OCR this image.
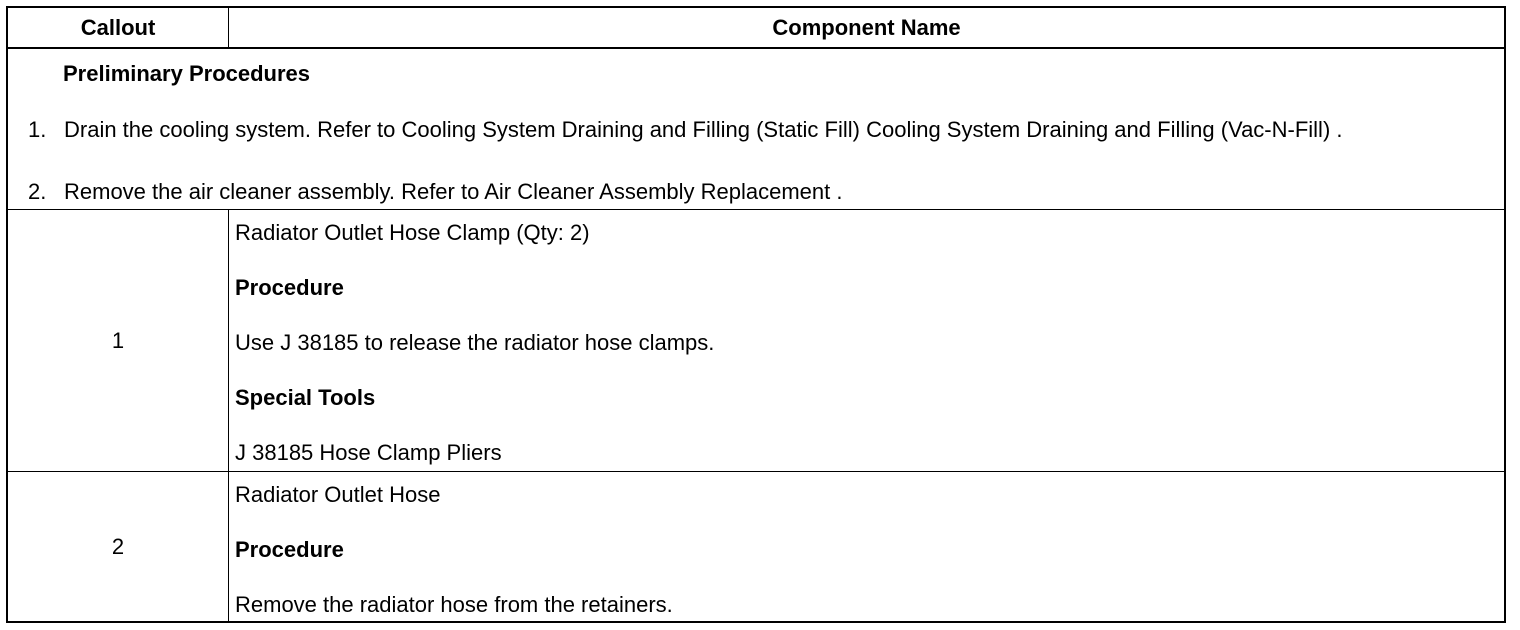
Callout	Component Name
Preliminary Procedures
1. Drain the cooling system. Refer to Cooling System Draining and Filling (Static Fill) Cooling System Draining and Filling (Vac-N-Fill) .
2. Remove the air cleaner assembly. Refer to Air Cleaner Assembly Replacement .
1
Radiator Outlet Hose Clamp (Qty: 2)
Procedure
Use J 38185 to release the radiator hose clamps.
Special Tools
J 38185 Hose Clamp Pliers
2
Radiator Outlet Hose
Procedure
Remove the radiator hose from the retainers.
